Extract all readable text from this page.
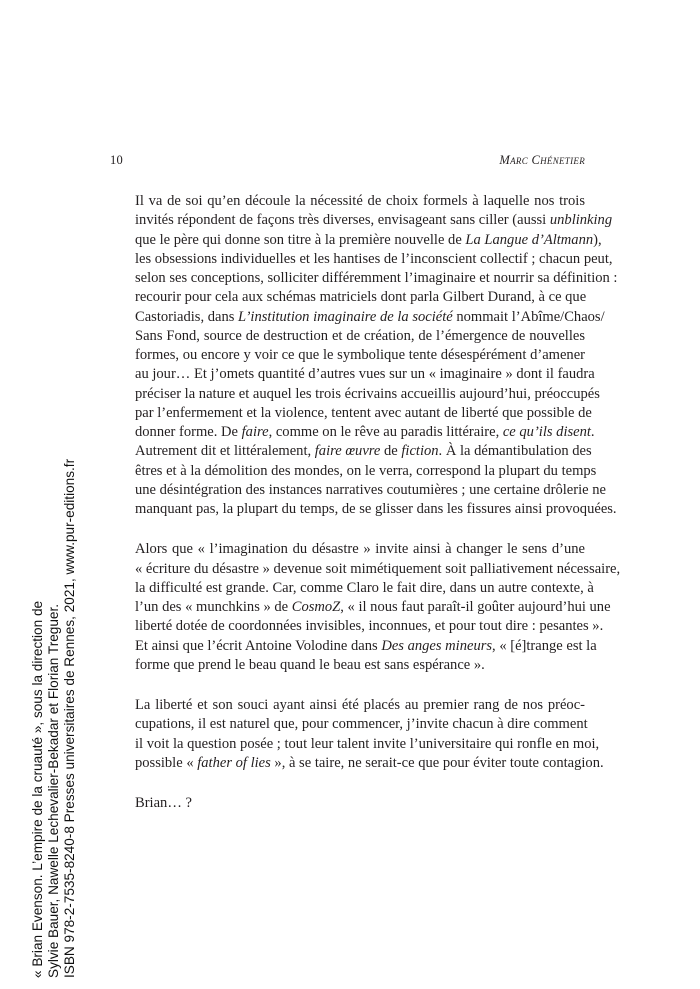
10	Marc Chénetier
Il va de soi qu’en découle la nécessité de choix formels à laquelle nos trois
invités répondent de façons très diverses, envisageant sans ciller (aussi unblinking
que le père qui donne son titre à la première nouvelle de La Langue d’Altmann),
les obsessions individuelles et les hantises de l’inconscient collectif ; chacun peut,
selon ses conceptions, solliciter différemment l’imaginaire et nourrir sa définition :
recourir pour cela aux schémas matriciels dont parla Gilbert Durand, à ce que
Castoriadis, dans L’institution imaginaire de la société nommait l’Abîme/Chaos/
Sans Fond, source de destruction et de création, de l’émergence de nouvelles
formes, ou encore y voir ce que le symbolique tente désespérément d’amener
au jour… Et j’omets quantité d’autres vues sur un « imaginaire » dont il faudra
préciser la nature et auquel les trois écrivains accueillis aujourd’hui, préoccupés
par l’enfermement et la violence, tentent avec autant de liberté que possible de
donner forme. De faire, comme on le rêve au paradis littéraire, ce qu’ils disent.
Autrement dit et littéralement, faire œuvre de fiction. À la démantibulation des
êtres et à la démolition des mondes, on le verra, correspond la plupart du temps
une désintégration des instances narratives coutumières ; une certaine drôlerie ne
manquant pas, la plupart du temps, de se glisser dans les fissures ainsi provoquées.
Alors que « l’imagination du désastre » invite ainsi à changer le sens d’une
« écriture du désastre » devenue soit mimétiquement soit palliativement nécessaire,
la difficulté est grande. Car, comme Claro le fait dire, dans un autre contexte, à
l’un des « munchkins » de CosmoZ, « il nous faut paraît-il goûter aujourd’hui une
liberté dotée de coordonnées invisibles, inconnues, et pour tout dire : pesantes ».
Et ainsi que l’écrit Antoine Volodine dans Des anges mineurs, « [é]trange est la
forme que prend le beau quand le beau est sans espérance ».
La liberté et son souci ayant ainsi été placés au premier rang de nos préoc-
cupations, il est naturel que, pour commencer, j’invite chacun à dire comment
il voit la question posée ; tout leur talent invite l’universitaire qui ronfle en moi,
possible « father of lies », à se taire, ne serait-ce que pour éviter toute contagion.
Brian… ?
« Brian Evenson. L’empire de la cruauté », sous la direction de Sylvie Bauer, Nawelle Lechevalier-Bekadar et Florian Treguer. ISBN 978-2-7535-8240-8 Presses universitaires de Rennes, 2021, www.pur-editions.fr
